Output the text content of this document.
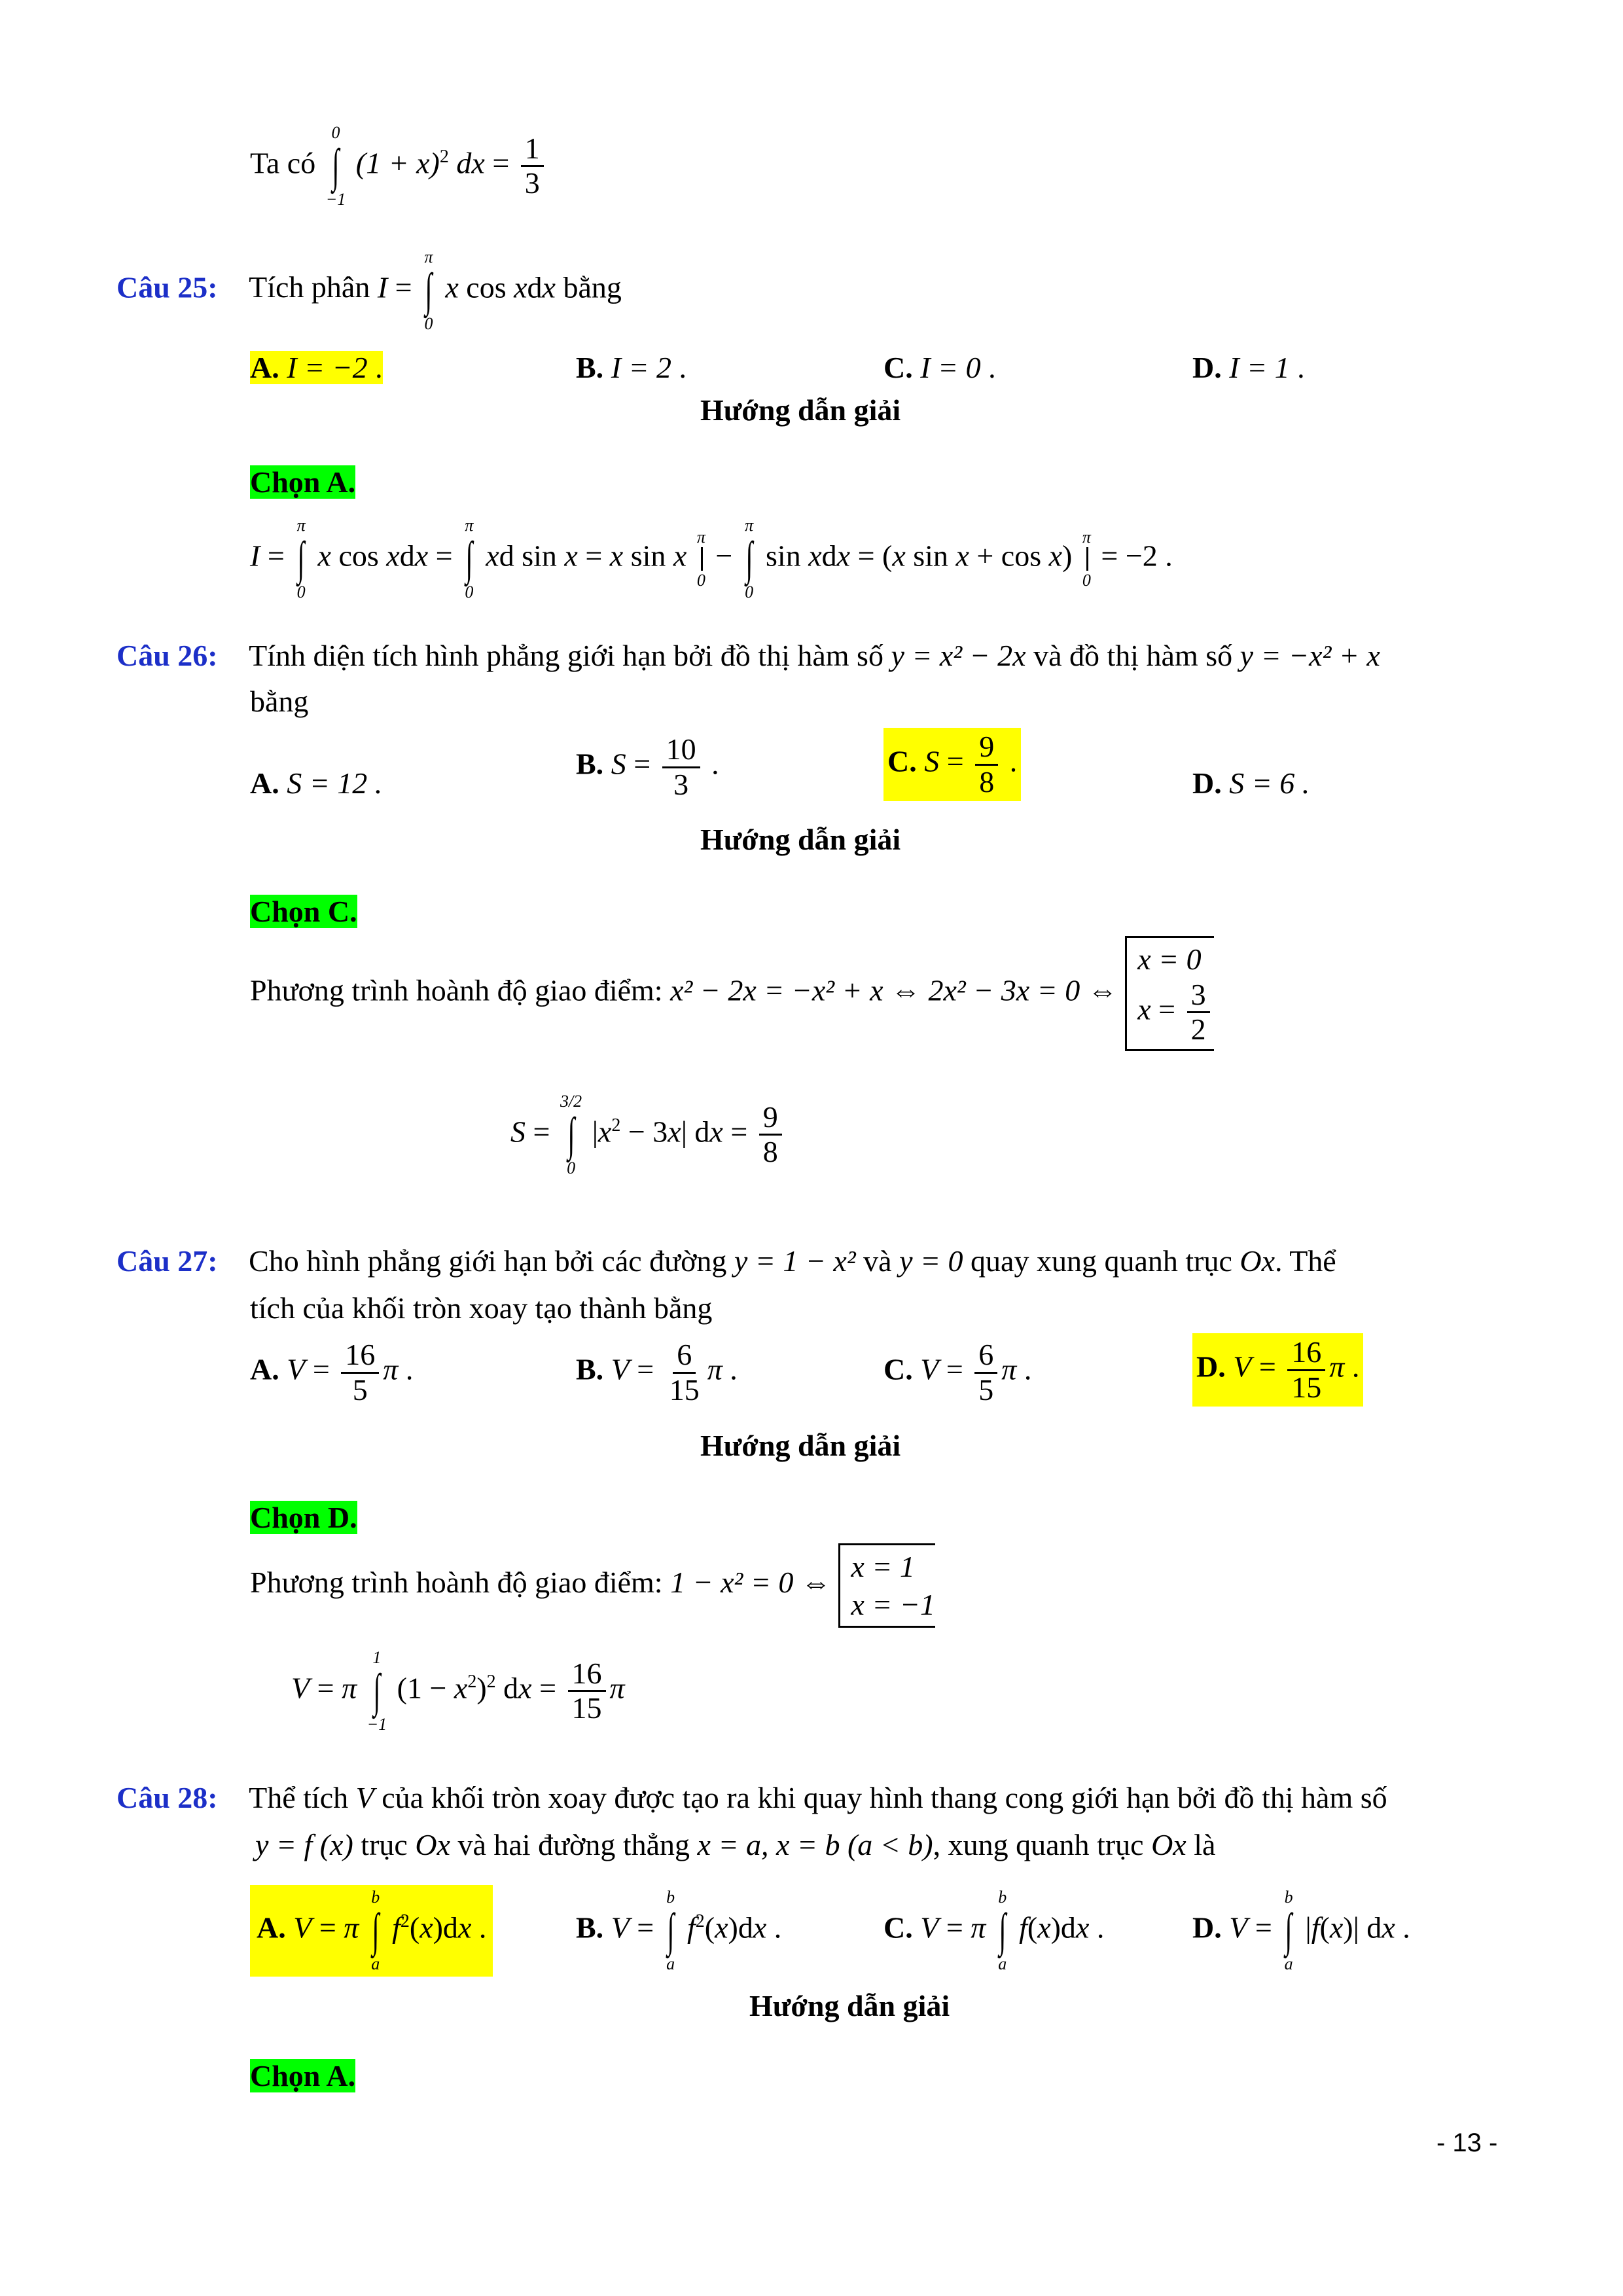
Ta có
0
∫
−1
$(1 + x)^2$ dx = $\frac{1}{3}$
Câu 25: Tích phân I =
π
∫
0
x cos xdx bằng
A. I = −2 .	B. I = 2 .	C. I = 0 .	D. I = 1 .
Hướng dẫn giải
Chọn A.
I =
π
∫
0
x cos xdx =
π
∫
0
xd sin x = x sin x
π
0
−
π
∫
0
sin xdx = (x sin x + cos x)
π
0
= −2 .
Câu 26: Tính diện tích hình phẳng giới hạn bởi đồ thị hàm số y = x² − 2x và đồ thị hàm số y = −x² + x
bằng
A. S = 12 .
B. $S = \frac{10}{3}$ .	C. $S = \frac{9}{8}$ .
D. S = 6 .
Hướng dẫn giải
Chọn C.
Phương trình hoành độ giao điểm: x² − 2x = −x² + x ⇔ 2x² − 3x = 0 ⇔
x = 0
$x = \frac{3}{2}$
S =
3/2
∫
0
$|x^2 - 3x|$ dx = $\frac{9}{8}$
Câu 27: Cho hình phẳng giới hạn bởi các đường y = 1 − x² và y = 0 quay xung quanh trục Ox. Thể
tích của khối tròn xoay tạo thành bằng
A. $V = \frac{16}{5}$ π .	B. $V = \frac{6}{15}$ π .	C. $V = \frac{6}{5}$ π .	D. $V = \frac{16}{15}$ π .
Hướng dẫn giải
Chọn D.
Phương trình hoành độ giao điểm: 1 − x² = 0 ⇔ x = 1
x = −1
V = π
1
∫
−1
$(1 - x^2)^2$ dx = $\frac{16}{15}$ π
Câu 28: Thể tích V của khối tròn xoay được tạo ra khi quay hình thang cong giới hạn bởi đồ thị hàm số
y = f (x) trục Ox và hai đường thẳng x = a, x = b (a < b), xung quanh trục Ox là
A. V = π
b
∫
a
$f^2(x)dx$ .	B. V =
b
∫
a
$f^2(x)dx$ .	C. V = π
b
∫
a
f(x)dx .	D. V =
b
∫
a
|f(x)| dx .
Hướng dẫn giải
Chọn A.
- 13 -
